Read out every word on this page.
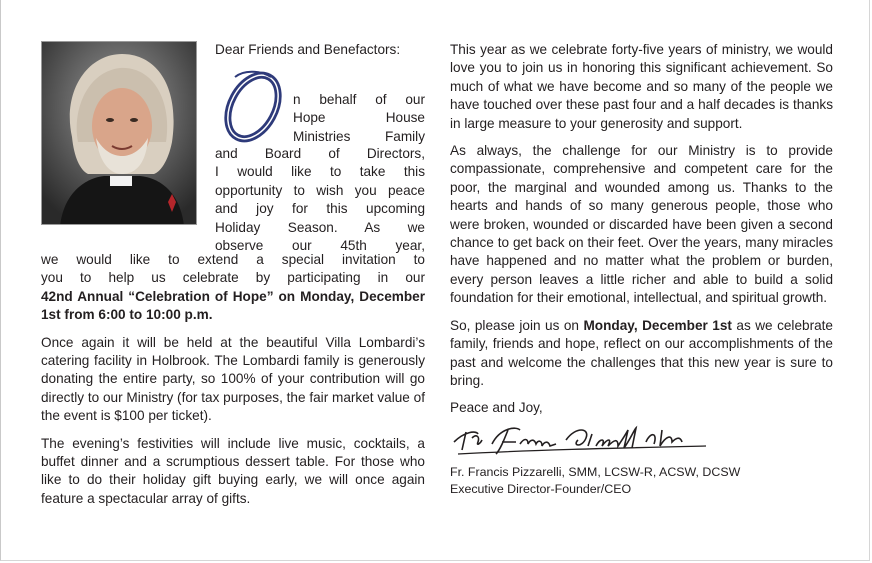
Dear Friends and Benefactors:
n behalf of our
Hope House
Ministries Family
and Board of Directors,
I would like to take this
opportunity to wish you peace
and joy for this upcoming
Holiday Season. As we
observe our 45th year,

we would like to extend a special invitation to
you to help us celebrate by participating in our
42nd Annual “Celebration of Hope” on Monday, December 1st from 6:00 to 10:00 p.m.

Once again it will be held at the beautiful Villa Lombardi’s catering facility in Holbrook. The Lombardi family is generously donating the entire party, so 100% of your contribution will go directly to our Ministry (for tax purposes, the fair market value of the event is $100 per ticket).

The evening’s festivities will include live music, cocktails, a buffet dinner and a scrumptious dessert table. For those who like to do their holiday gift buying early, we will once again feature a spectacular array of gifts.

This year as we celebrate forty-five years of ministry, we would love you to join us in honoring this significant achievement. So much of what we have become and so many of the people we have touched over these past four and a half decades is thanks in large measure to your generosity and support.

As always, the challenge for our Ministry is to provide compassionate, comprehensive and competent care for the poor, the marginal and wounded among us. Thanks to the hearts and hands of so many generous people, those who were broken, wounded or discarded have been given a second chance to get back on their feet. Over the years, many miracles have happened and no matter what the problem or burden, every person leaves a little richer and able to build a solid foundation for their emotional, intellectual, and spiritual growth.

So, please join us on Monday, December 1st as we celebrate family, friends and hope, reflect on our accomplishments of the past and welcome the challenges that this new year is sure to bring.

Peace and Joy,
Fr. Francis Pizzarelli, SMM, LCSW-R, ACSW, DCSW
Executive Director-Founder/CEO
